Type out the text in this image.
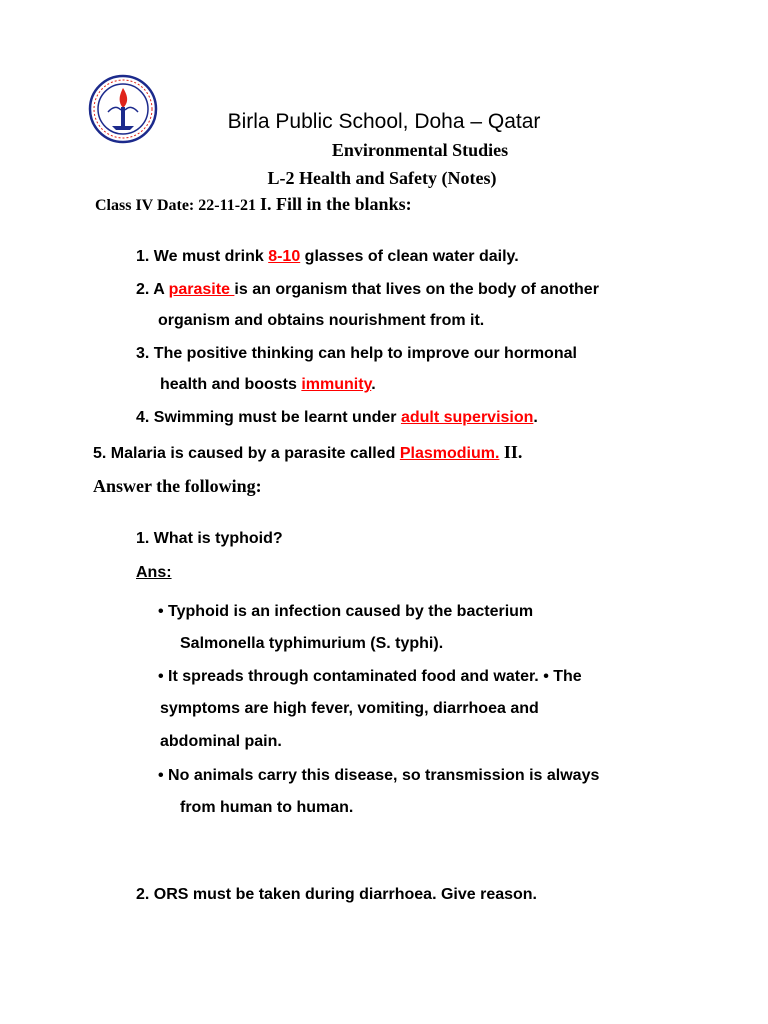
Birla Public School, Doha – Qatar
Environmental Studies
L-2 Health and Safety (Notes)
Class IV Date: 22-11-21 I. Fill in the blanks:
1. We must drink 8-10 glasses of clean water daily.
2. A parasite is an organism that lives on the body of another
organism and obtains nourishment from it.
3. The positive thinking can help to improve our hormonal
health and boosts immunity.
4. Swimming must be learnt under adult supervision.
5. Malaria is caused by a parasite called Plasmodium. II.
Answer the following:
1. What is typhoid?
Ans:
• Typhoid is an infection caused by the bacterium
Salmonella typhimurium (S. typhi).
• It spreads through contaminated food and water. • The
symptoms are high fever, vomiting, diarrhoea and
abdominal pain.
• No animals carry this disease, so transmission is always
from human to human.
2. ORS must be taken during diarrhoea. Give reason.
